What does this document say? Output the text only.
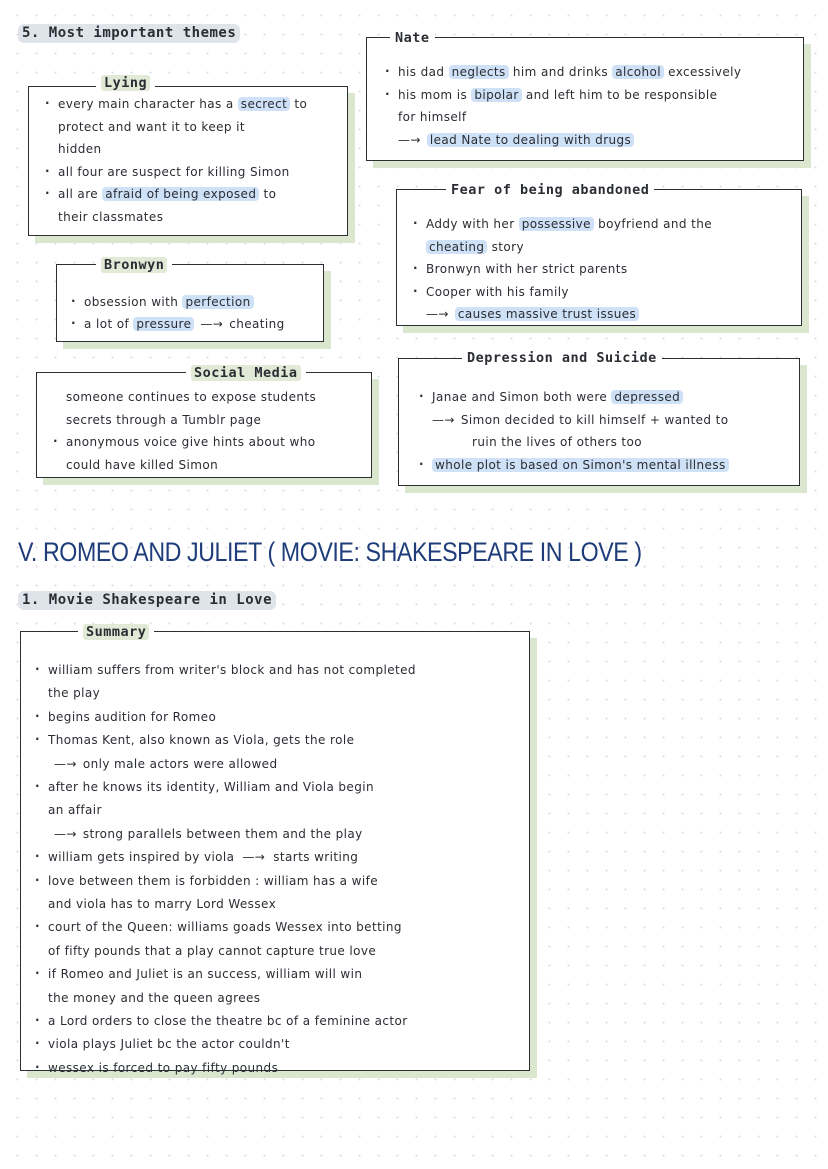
5. Most important themes
Lying
· every main character has a secrect to
protect and want it to keep it
hidden
· all four are suspect for killing Simon
· all are afraid of being exposed to
their classmates
Nate
· his dad neglects him and drinks alcohol excessively
· his mom is bipolar and left him to be responsible
for himself
—→ lead Nate to dealing with drugs
Bronwyn
· obsession with perfection
· a lot of pressure —→ cheating
Fear of being abandoned
· Addy with her possessive boyfriend and the
cheating story
· Bronwyn with her strict parents
· Cooper with his family
—→ causes massive trust issues
Social Media
someone continues to expose students
secrets through a Tumblr page
· anonymous voice give hints about who
could have killed Simon
Depression and Suicide
· Janae and Simon both were depressed
—→ Simon decided to kill himself + wanted to
ruin the lives of others too
· whole plot is based on Simon's mental illness
V. ROMEO AND JULIET ( MOVIE: SHAKESPEARE IN LOVE )
1. Movie Shakespeare in Love
Summary
· william suffers from writer's block and has not completed
the play
· begins audition for Romeo
· Thomas Kent, also known as Viola, gets the role
—→ only male actors were allowed
· after he knows its identity, William and Viola begin
an affair
—→ strong parallels between them and the play
· william gets inspired by viola —→ starts writing
· love between them is forbidden : william has a wife
and viola has to marry Lord Wessex
· court of the Queen: williams goads Wessex into betting
of fifty pounds that a play cannot capture true love
· if Romeo and Juliet is an success, william will win
the money and the queen agrees
· a Lord orders to close the theatre bc of a feminine actor
· viola plays Juliet bc the actor couldn't
· wessex is forced to pay fifty pounds
